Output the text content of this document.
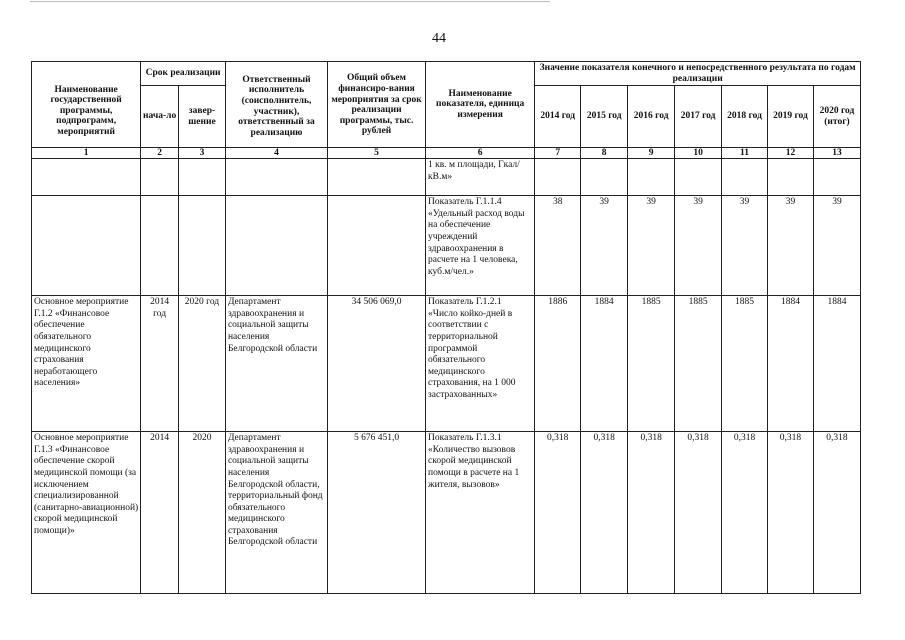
44
Наименование государственной программы, подпрограмм, мероприятий	Срок реализации		Ответственный исполнитель (соисполнитель, участник), ответственный за реализацию	Общий объем финансиро-вания мероприятия за срок реализации программы, тыс. рублей	Наименование показателя, единица измерения	Значение показателя конечного и непосредственного результата по годам реализации						
	нача-ло	завер-шение				2014 год	2015 год	2016 год	2017 год	2018 год	2019 год	2020 год (итог)
1	2	3	4	5	6	7	8	9	10	11	12	13
					1 кв. м площади, Гкал/кВ.м»							
					Показатель Г.1.1.4 «Удельный расход воды на обеспечение учреждений здравоохранения в расчете на 1 человека, куб.м/чел.»	38	39	39	39	39	39	39
Основное мероприятие Г.1.2 «Финансовое обеспечение обязательного медицинского страхования неработающего населения»	2014 год	2020 год	Департамент здравоохранения и социальной защиты населения Белгородской области	34 506 069,0	Показатель Г.1.2.1 «Число койко-дней в соответствии с территориальной программой обязательного медицинского страхования, на 1 000 застрахованных»	1886	1884	1885	1885	1885	1884	1884
Основное мероприятие Г.1.3 «Финансовое обеспечение скорой медицинской помощи (за исключением специализированной (санитарно-авиационной) скорой медицинской помощи)»	2014	2020	Департамент здравоохранения и социальной защиты населения Белгородской области, территориальный фонд обязательного медицинского страхования Белгородской области	5 676 451,0	Показатель Г.1.3.1 «Количество вызовов скорой медицинской помощи в расчете на 1 жителя, вызовов»	0,318	0,318	0,318	0,318	0,318	0,318	0,318
